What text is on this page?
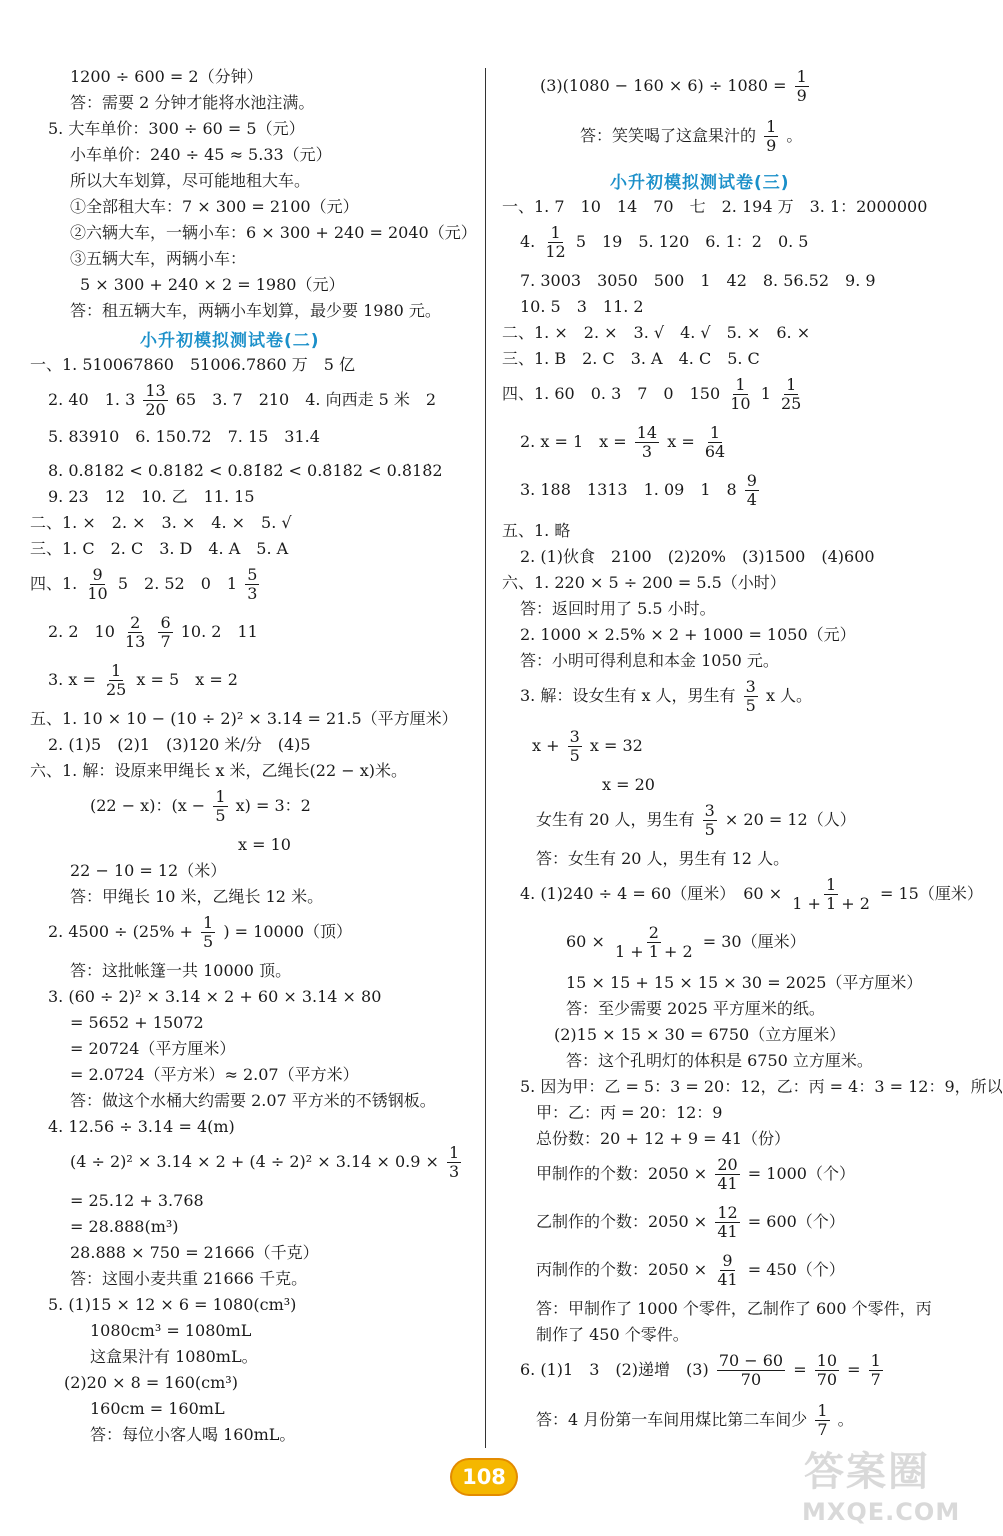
1200 ÷ 600 = 2（分钟）
答：需要 2 分钟才能将水池注满。
5. 大车单价：300 ÷ 60 = 5（元）
小车单价：240 ÷ 45 ≈ 5.33（元）
所以大车划算，尽可能地租大车。
①全部租大车：7 × 300 = 2100（元）
②六辆大车，一辆小车：6 × 300 + 240 = 2040（元）
③五辆大车，两辆小车：
5 × 300 + 240 × 2 = 1980（元）
答：租五辆大车，两辆小车划算，最少要 1980 元。
小升初模拟测试卷(二)
一、1. 510067860　51006.7860 万　5 亿
2. 40　1. $3 \frac{13}{20} 65$　3. 7　210　4. 向西走 5 米　2
5. 83910　6. 150.72　7. 15　31.4
8. 0.8182 < 0.818̇2̇ < 0.81̇82̇ < 0.8̇18̇2 < 0.8̇18̇2
9. 23　12　10. 乙　11. 15
二、1. ×　2. ×　3. ×　4. ×　5. √
三、1. C　2. C　3. D　4. A　5. A
四、1. $\frac{9}{10} 5$　2. 52　0　$1 \frac{5}{3}$
2. 2　$10 \frac{2}{13}$
$\frac{6}{7} 10$. 2　11
3. $x = \frac{1}{25}$ x = 5　x = 2
五、1. 10 × 10 − (10 ÷ 2)² × 3.14 = 21.5（平方厘米）
2. (1)5　(2)1　(3)120 米/分　(4)5
六、1. 解：设原来甲绳长 x 米，乙绳长(22 − x)米。
(22 − x)：$(x - \frac{1}{5} x) = 3$：2
x = 10
22 − 10 = 12（米）
答：甲绳长 10 米，乙绳长 12 米。
2. $4500 \div (25\% + \frac{1}{5}$ ) = 10000（顶）
答：这批帐篷一共 10000 顶。
3. (60 ÷ 2)² × 3.14 × 2 + 60 × 3.14 × 80
= 5652 + 15072
= 20724（平方厘米）
= 2.0724（平方米）≈ 2.07（平方米）
答：做这个水桶大约需要 2.07 平方米的不锈钢板。
4. 12.56 ÷ 3.14 = 4(m)
$(4 \div 2)^2 \times 3.14 \times 2 + (4 \div 2)^2 \times 3.14 \times 0.9 \times \frac{1}{3}$
= 25.12 + 3.768
= 28.888(m³)
28.888 × 750 = 21666（千克）
答：这囤小麦共重 21666 千克。
5. (1)15 × 12 × 6 = 1080(cm³)
1080cm³ = 1080mL
这盒果汁有 1080mL。
(2)20 × 8 = 160(cm³)
160cm = 160mL
答：每位小客人喝 160mL。
$(3)(1080 - 160 \times 6) \div 1080 = \frac{1}{9}$
答：笑笑喝了这盒果汁的 $\frac{1}{9}$ 。
小升初模拟测试卷(三)
一、1. 7　10　14　70　七　2. 194 万　3. 1：2000000
4. $\frac{1}{12} 5$　19　5. 120　6. 1：2　0. 5
7. 3003　3050　500　1　42　8. 56.52　9. 9
10. 5　3　11. 2
二、1. ×　2. ×　3. √　4. √　5. ×　6. ×
三、1. B　2. C　3. A　4. C　5. C
四、1. 60　0. 3　7　0　$150 \frac{1}{10} 1 \frac{1}{25}$
2. x = 1　$x = \frac{14}{3}$ $x = \frac{1}{64}$
3. 188　1313　1. 09　1　$8 \frac{9}{4}$
五、1. 略
2. (1)伙食　2100　(2)20%　(3)1500　(4)600
六、1. 220 × 5 ÷ 200 = 5.5（小时）
答：返回时用了 5.5 小时。
2. 1000 × 2.5% × 2 + 1000 = 1050（元）
答：小明可得利息和本金 1050 元。
3. 解：设女生有 x 人，男生有 $\frac{3}{5}$ x 人。
$x + \frac{3}{5}$ x = 32
x = 20
女生有 20 人，男生有 $\frac{3}{5} \times 20 = 12$（人）
答：女生有 20 人，男生有 12 人。
4. (1)240 ÷ 4 = 60（厘米）　$60 \times \frac{1}{1 + 1 + 2} = 15$（厘米）
$60 \times \frac{2}{1 + 1 + 2} = 30$（厘米）
15 × 15 + 15 × 15 × 30 = 2025（平方厘米）
答：至少需要 2025 平方厘米的纸。
(2)15 × 15 × 30 = 6750（立方厘米）
答：这个孔明灯的体积是 6750 立方厘米。
5. 因为甲：乙 = 5：3 = 20：12，乙：丙 = 4：3 = 12：9，所以
甲：乙：丙 = 20：12：9
总份数：20 + 12 + 9 = 41（份）
甲制作的个数：$2050 \times \frac{20}{41} = 1000$（个）
乙制作的个数：$2050 \times \frac{12}{41} = 600$（个）
丙制作的个数：$2050 \times \frac{9}{41} = 450$（个）
答：甲制作了 1000 个零件，乙制作了 600 个零件，丙
制作了 450 个零件。
6. (1)1　3　(2)递增　$(3) \frac{70 - 60}{70} = \frac{10}{70} = \frac{1}{7}$
答：4 月份第一车间用煤比第二车间少 $\frac{1}{7}$ 。
108	答案圈
MXQE.COM
